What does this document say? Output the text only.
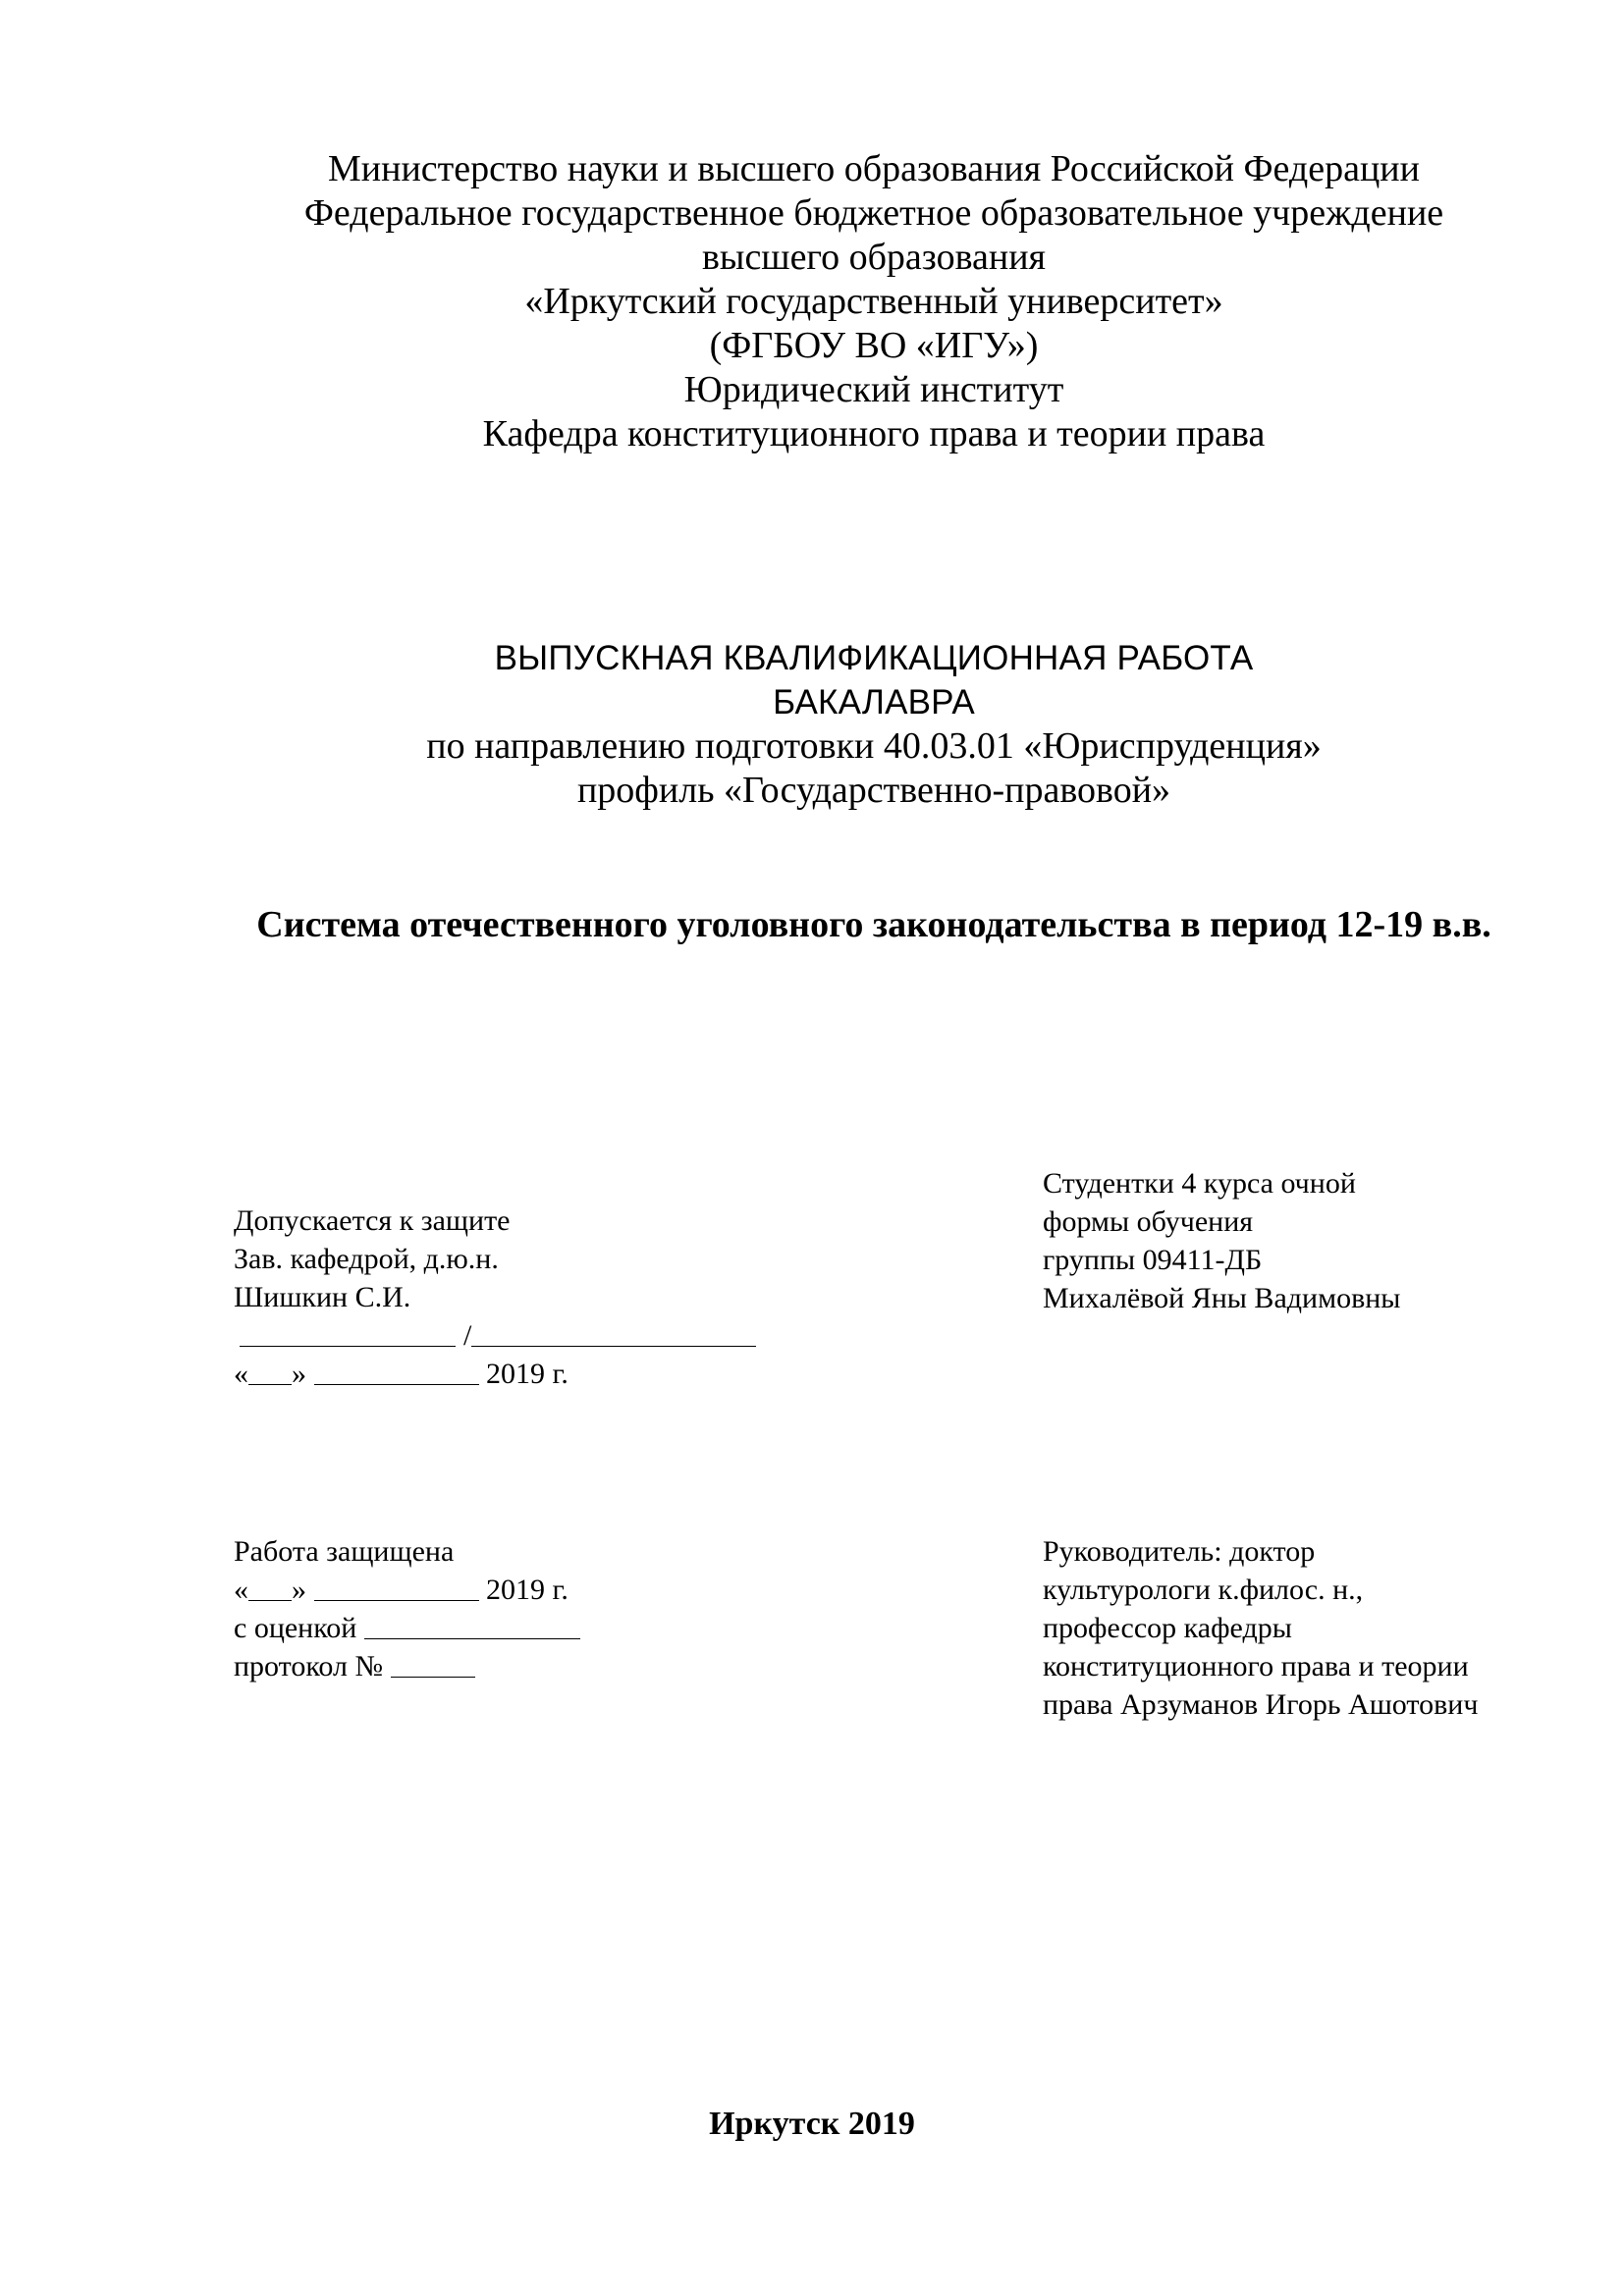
Министерство науки и высшего образования Российской Федерации
Федеральное государственное бюджетное образовательное учреждение
высшего образования
«Иркутский государственный университет»
(ФГБОУ ВО «ИГУ»)
Юридический институт
Кафедра конституционного права и теории права
ВЫПУСКНАЯ КВАЛИФИКАЦИОННАЯ РАБОТА
БАКАЛАВРА
по направлению подготовки 40.03.01 «Юриспруденция»
профиль «Государственно-правовой»
Система отечественного уголовного законодательства в период 12-19 в.в.
Допускается к защите
Зав. кафедрой, д.ю.н.
Шишкин С.И.
/
« »	2019 г.
Студентки 4 курса очной
формы обучения
группы 09411-ДБ
Михалёвой Яны Вадимовны
Работа защищена
« »	2019 г.
с оценкой
протокол №
Руководитель: доктор
культурологи к.филос. н.,
профессор кафедры
конституционного права и теории
права Арзуманов Игорь Ашотович
Иркутск 2019
